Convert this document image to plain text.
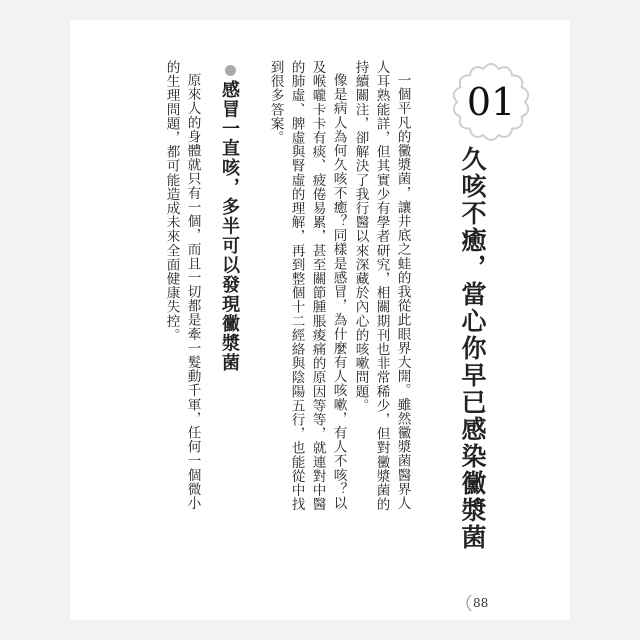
01
久咳不癒，當心你早已感染黴漿菌
一個平凡的黴漿菌，讓井底之蛙的我從此眼界大開。雖然黴漿菌醫界人
人耳熟能詳，但其實少有學者研究，相關期刊也非常稀少，但對黴漿菌的
持續關注，卻解決了我行醫以來深藏於內心的咳嗽問題。
像是病人為何久咳不癒？同樣是感冒，為什麼有人咳嗽，有人不咳？以
及喉嚨卡卡有痰、疲倦易累，甚至關節腫脹痠痛的原因等等，就連對中醫
的肺虛、脾虛與腎虛的理解，再到整個十二經絡與陰陽五行，也能從中找
到很多答案。
感冒一直咳，多半可以發現黴漿菌
原來人的身體就只有一個，而且一切都是牽一髮動千軍，任何一個微小
的生理問題，都可能造成未來全面健康失控。
88
